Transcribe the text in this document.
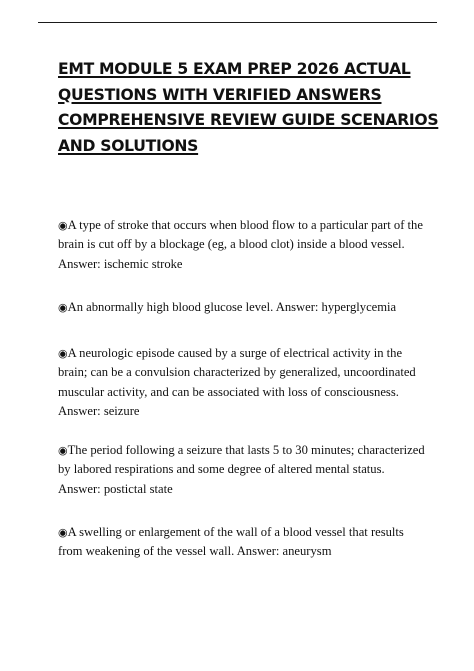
EMT MODULE 5 EXAM PREP 2026 ACTUAL
QUESTIONS WITH VERIFIED ANSWERS
COMPREHENSIVE REVIEW GUIDE SCENARIOS
AND SOLUTIONS

◉A type of stroke that occurs when blood flow to a particular part of the
brain is cut off by a blockage (eg, a blood clot) inside a blood vessel.
Answer: ischemic stroke

◉An abnormally high blood glucose level. Answer: hyperglycemia

◉A neurologic episode caused by a surge of electrical activity in the
brain; can be a convulsion characterized by generalized, uncoordinated
muscular activity, and can be associated with loss of consciousness.
Answer: seizure

◉The period following a seizure that lasts 5 to 30 minutes; characterized
by labored respirations and some degree of altered mental status.
Answer: postictal state

◉A swelling or enlargement of the wall of a blood vessel that results
from weakening of the vessel wall. Answer: aneurysm
